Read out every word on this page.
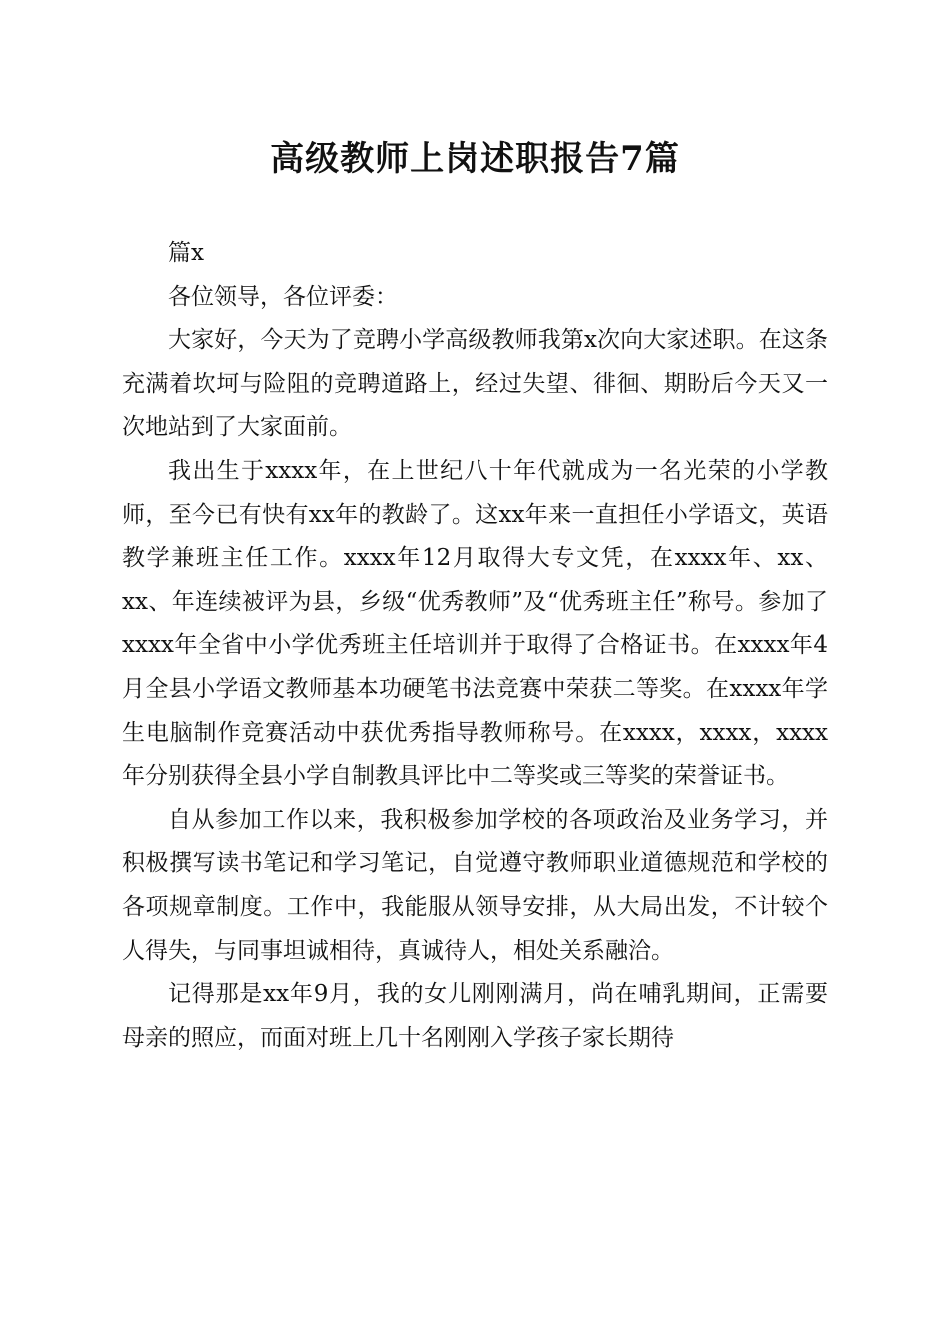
高级教师上岗述职报告7篇

篇x

各位领导，各位评委：

大家好，今天为了竞聘小学高级教师我第x次向大家述职。在这条充满着坎坷与险阻的竞聘道路上，经过失望、徘徊、期盼后今天又一次地站到了大家面前。

我出生于xxxx年，在上世纪八十年代就成为一名光荣的小学教师，至今已有快有xx年的教龄了。这xx年来一直担任小学语文，英语教学兼班主任工作。xxxx年12月取得大专文凭，在xxxx年、xx、xx、年连续被评为县，乡级“优秀教师”及“优秀班主任”称号。参加了xxxx年全省中小学优秀班主任培训并于取得了合格证书。在xxxx年4月全县小学语文教师基本功硬笔书法竞赛中荣获二等奖。在xxxx年学生电脑制作竞赛活动中获优秀指导教师称号。在xxxx，xxxx，xxxx年分别获得全县小学自制教具评比中二等奖或三等奖的荣誉证书。

自从参加工作以来，我积极参加学校的各项政治及业务学习，并积极撰写读书笔记和学习笔记，自觉遵守教师职业道德规范和学校的各项规章制度。工作中，我能服从领导安排，从大局出发，不计较个人得失，与同事坦诚相待，真诚待人，相处关系融洽。

记得那是xx年9月，我的女儿刚刚满月，尚在哺乳期间，正需要母亲的照应，而面对班上几十名刚刚入学孩子家长期待
